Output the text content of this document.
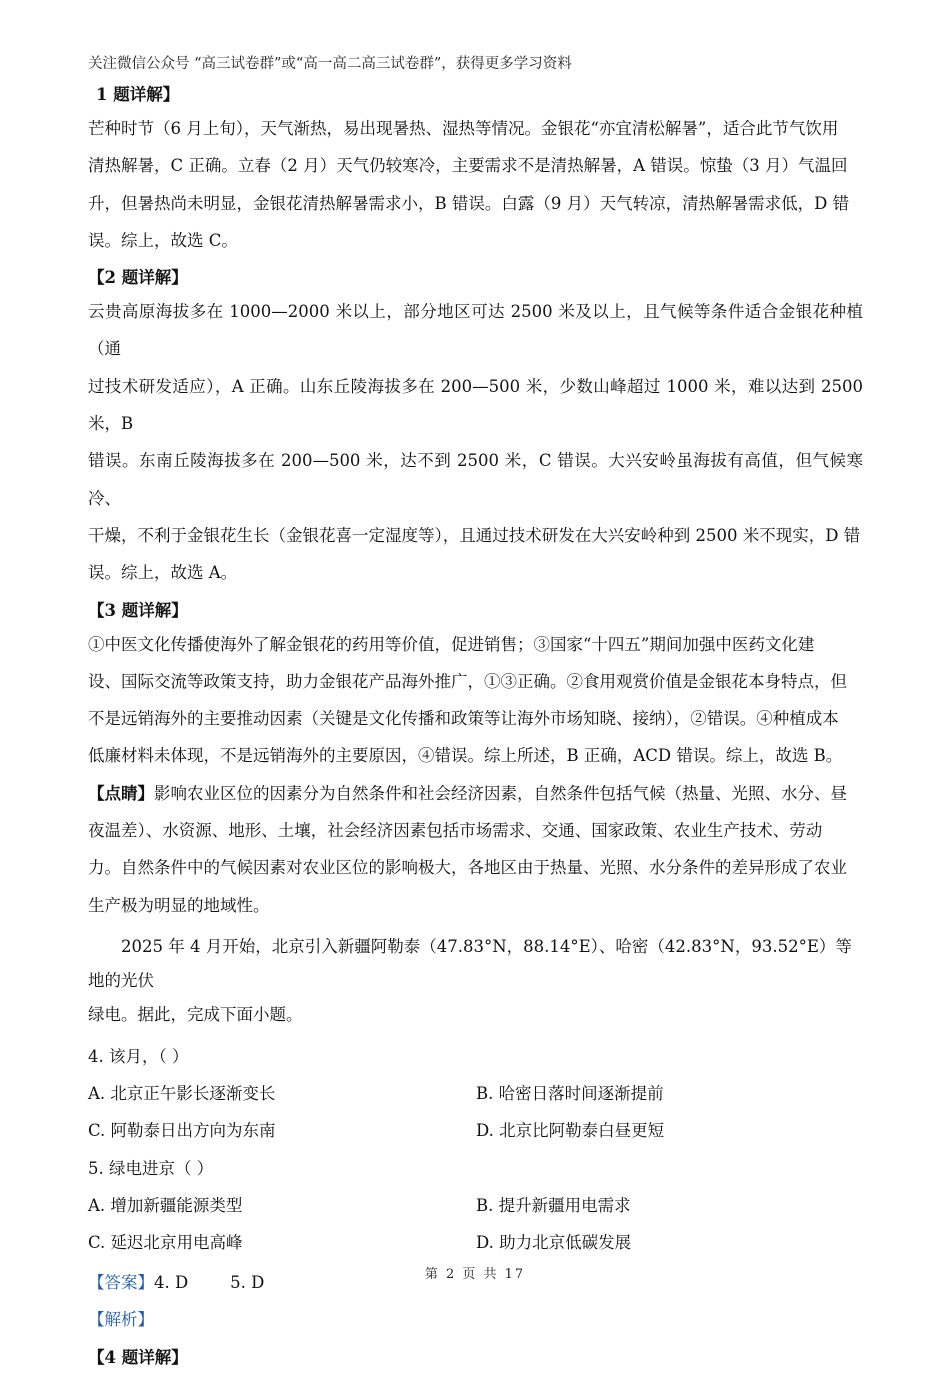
关注微信公众号 “高三试卷群”或“高一高二高三试卷群”，获得更多学习资料

1 题详解】

芒种时节（6 月上旬），天气渐热，易出现暑热、湿热等情况。金银花“亦宜清松解暑”，适合此节气饮用

清热解暑，C 正确。立春（2 月）天气仍较寒冷，主要需求不是清热解暑，A 错误。惊蛰（3 月）气温回

升，但暑热尚未明显，金银花清热解暑需求小，B 错误。白露（9 月）天气转凉，清热解暑需求低，D 错

误。综上，故选 C。

【2 题详解】

云贵高原海拔多在 1000—2000 米以上，部分地区可达 2500 米及以上，且气候等条件适合金银花种植（通

过技术研发适应），A 正确。山东丘陵海拔多在 200—500 米，少数山峰超过 1000 米，难以达到 2500 米，B

错误。东南丘陵海拔多在 200—500 米，达不到 2500 米，C 错误。大兴安岭虽海拔有高值，但气候寒冷、

干燥，不利于金银花生长（金银花喜一定湿度等），且通过技术研发在大兴安岭种到 2500 米不现实，D 错

误。综上，故选 A。

【3 题详解】

①中医文化传播使海外了解金银花的药用等价值，促进销售；③国家“十四五”期间加强中医药文化建

设、国际交流等政策支持，助力金银花产品海外推广，①③正确。②食用观赏价值是金银花本身特点，但

不是远销海外的主要推动因素（关键是文化传播和政策等让海外市场知晓、接纳），②错误。④种植成本

低廉材料未体现，不是远销海外的主要原因，④错误。综上所述，B 正确，ACD 错误。综上，故选 B。

【点睛】影响农业区位的因素分为自然条件和社会经济因素，自然条件包括气候（热量、光照、水分、昼

夜温差）、水资源、地形、土壤，社会经济因素包括市场需求、交通、国家政策、农业生产技术、劳动

力。自然条件中的气候因素对农业区位的影响极大，各地区由于热量、光照、水分条件的差异形成了农业

生产极为明显的地域性。

2025 年 4 月开始，北京引入新疆阿勒泰（47.83°N，88.14°E）、哈密（42.83°N，93.52°E）等地的光伏
绿电。据此，完成下面小题。
4. 该月，（ ）
A. 北京正午影长逐渐变长	B. 哈密日落时间逐渐提前
C. 阿勒泰日出方向为东南	D. 北京比阿勒泰白昼更短
5. 绿电进京（ ）
A. 增加新疆能源类型	B. 提升新疆用电需求
C. 延迟北京用电高峰	D. 助力北京低碳发展
【答案】4. D        5. D
【解析】

【4 题详解】

第 2 页 共 17
